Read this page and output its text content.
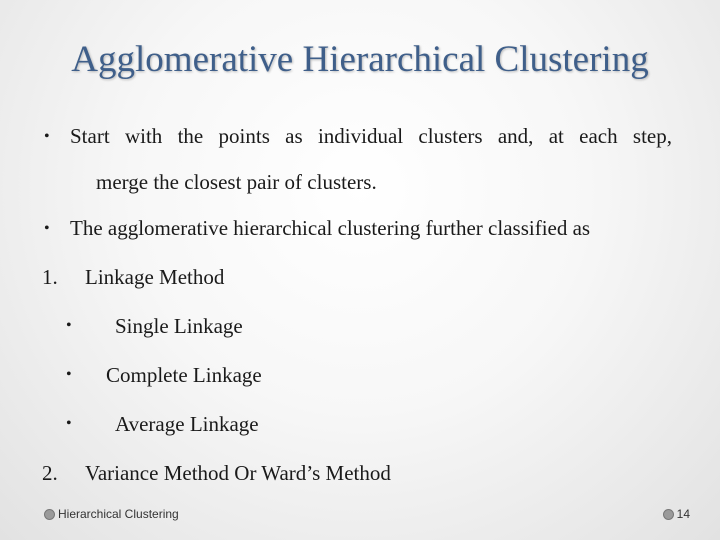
Agglomerative Hierarchical Clustering
• Start with the points as individual clusters and, at each step,
merge the closest pair of clusters.
• The agglomerative hierarchical clustering further classified as
1. Linkage Method
• Single Linkage
• Complete Linkage
• Average Linkage
2. Variance Method Or Ward’s Method
Hierarchical Clustering	14
